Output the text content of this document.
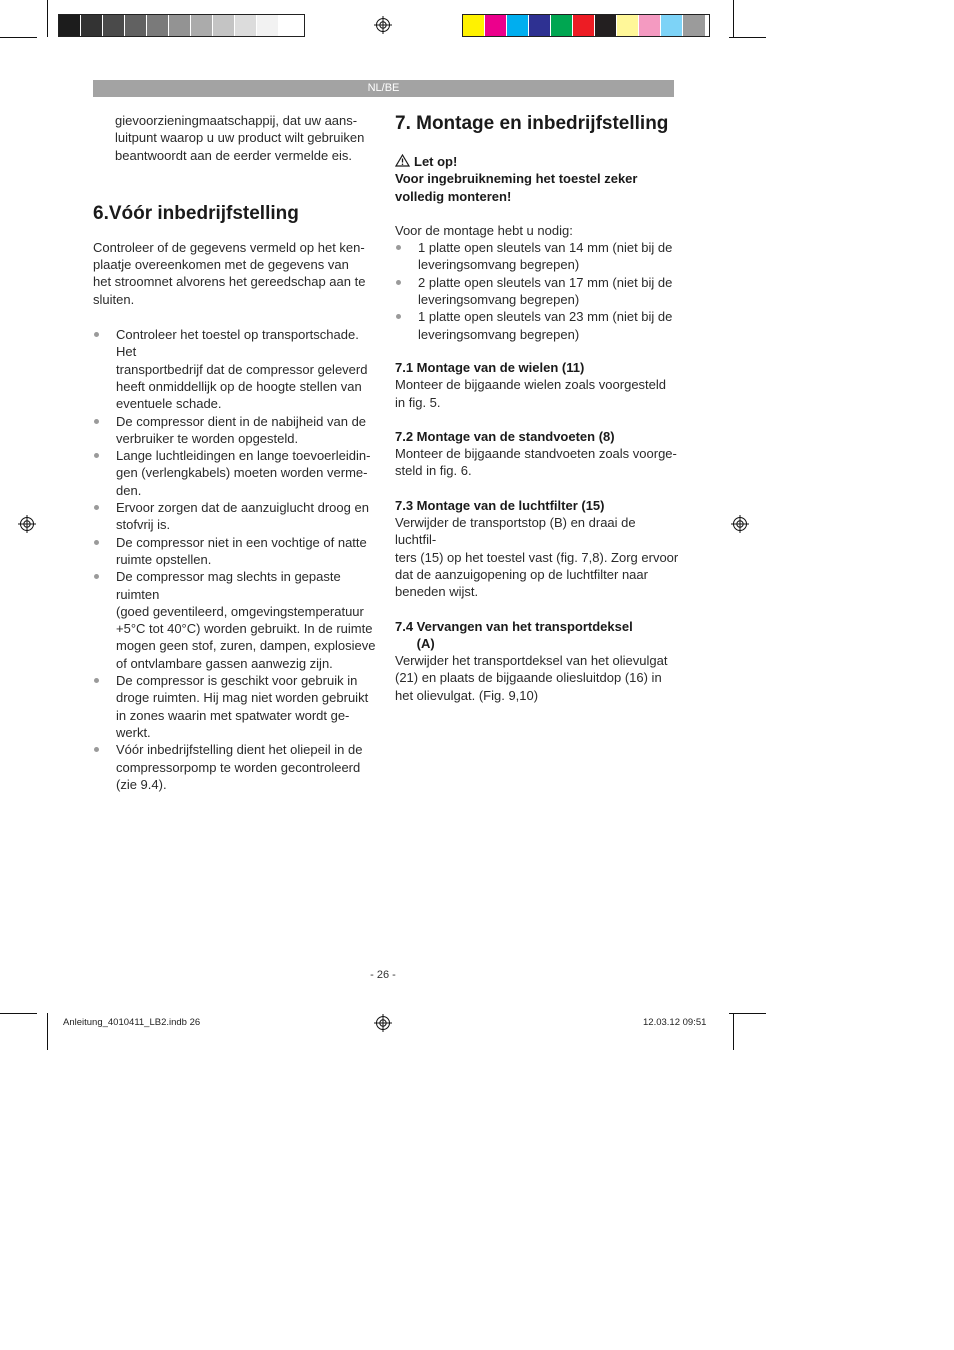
NL/BE

gievoorzieningmaatschappij, dat uw aans-
luitpunt waarop u uw product wilt gebruiken
beantwoordt aan de eerder vermelde eis.

6.Vóór inbedrijfstelling

Controleer of de gegevens vermeld op het ken-
plaatje overeenkomen met de gegevens van
het stroomnet alvorens het gereedschap aan te
sluiten.

Controleer het toestel op transportschade. Het
transportbedrijf dat de compressor geleverd
heeft onmiddellijk op de hoogte stellen van
eventuele schade.
De compressor dient in de nabijheid van de
verbruiker te worden opgesteld.
Lange luchtleidingen en lange toevoerleidin-
gen (verlengkabels) moeten worden verme-
den.
Ervoor zorgen dat de aanzuiglucht droog en
stofvrij is.
De compressor niet in een vochtige of natte
ruimte opstellen.
De compressor mag slechts in gepaste ruimten
(goed geventileerd, omgevingstemperatuur
+5°C tot 40°C) worden gebruikt. In de ruimte
mogen geen stof, zuren, dampen, explosieve
of ontvlambare gassen aanwezig zijn.
De compressor is geschikt voor gebruik in
droge ruimten. Hij mag niet worden gebruikt
in zones waarin met spatwater wordt ge-
werkt.
Vóór inbedrijfstelling dient het oliepeil in de
compressorpomp te worden gecontroleerd
(zie 9.4).
7. Montage en inbedrijfstelling

Let op!

Voor ingebruikneming het toestel zeker
volledig monteren!

Voor de montage hebt u nodig:

1 platte open sleutels van 14 mm (niet bij de
leveringsomvang begrepen)
2 platte open sleutels van 17 mm (niet bij de
leveringsomvang begrepen)
1 platte open sleutels van 23 mm (niet bij de
leveringsomvang begrepen)

7.1 Montage van de wielen (11)

Monteer de bijgaande wielen zoals voorgesteld
in fig. 5.

7.2 Montage van de standvoeten (8)

Monteer de bijgaande standvoeten zoals voorge-
steld in fig. 6.

7.3 Montage van de luchtfilter (15)

Verwijder de transportstop (B) en draai de luchtfil-
ters (15) op het toestel vast (fig. 7,8). Zorg ervoor
dat de aanzuigopening op de luchtfilter naar
beneden wijst.

7.4 Vervangen van het transportdeksel
(A)

Verwijder het transportdeksel van het olievulgat
(21) en plaats de bijgaande oliesluitdop (16) in
het olievulgat. (Fig. 9,10)

- 26 -
Anleitung_4010411_LB2.indb 26	12.03.12 09:51
